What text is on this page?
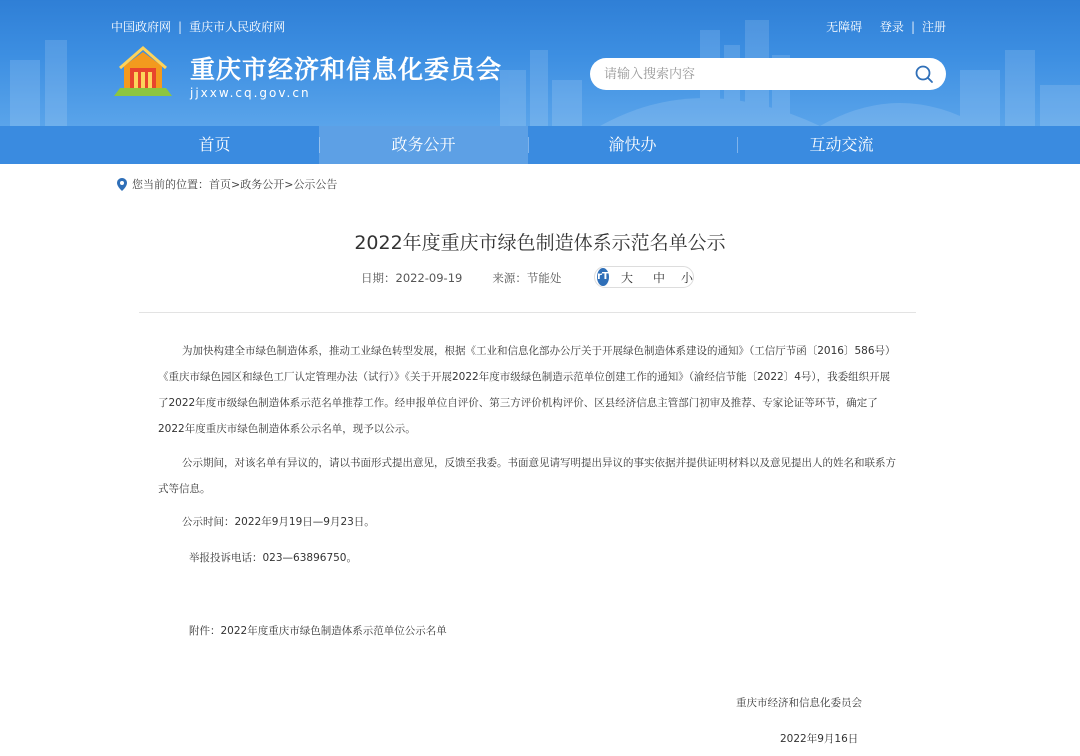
中国政府网 | 重庆市人民政府网	无障碍 登录 | 注册
重庆市经济和信息化委员会
jjxxw.cq.gov.cn
请输入搜索内容
首页	政务公开	渝快办	互动交流
您当前的位置： 首页 > 政务公开 > 公示公告
2022年度重庆市绿色制造体系示范名单公示
日期：2022-09-19	来源：节能处	rT 大 中 小

为加快构建全市绿色制造体系，推动工业绿色转型发展，根据《工业和信息化部办公厅关于开展绿色制造体系建设的通知》（工信厅节函〔2016〕586号）《重庆市绿色园区和绿色工厂认定管理办法（试行）》《关于开展2022年度市级绿色制造示范单位创建工作的通知》（渝经信节能〔2022〕4号），我委组织开展了2022年度市级绿色制造体系示范名单推荐工作。经申报单位自评价、第三方评价机构评价、区县经济信息主管部门初审及推荐、专家论证等环节，确定了2022年度重庆市绿色制造体系公示名单，现予以公示。

公示期间，对该名单有异议的，请以书面形式提出意见，反馈至我委。书面意见请写明提出异议的事实依据并提供证明材料以及意见提出人的姓名和联系方式等信息。

公示时间：2022年9月19日—9月23日。

举报投诉电话：023—63896750。

附件：2022年度重庆市绿色制造体系示范单位公示名单

重庆市经济和信息化委员会
2022年9月16日
